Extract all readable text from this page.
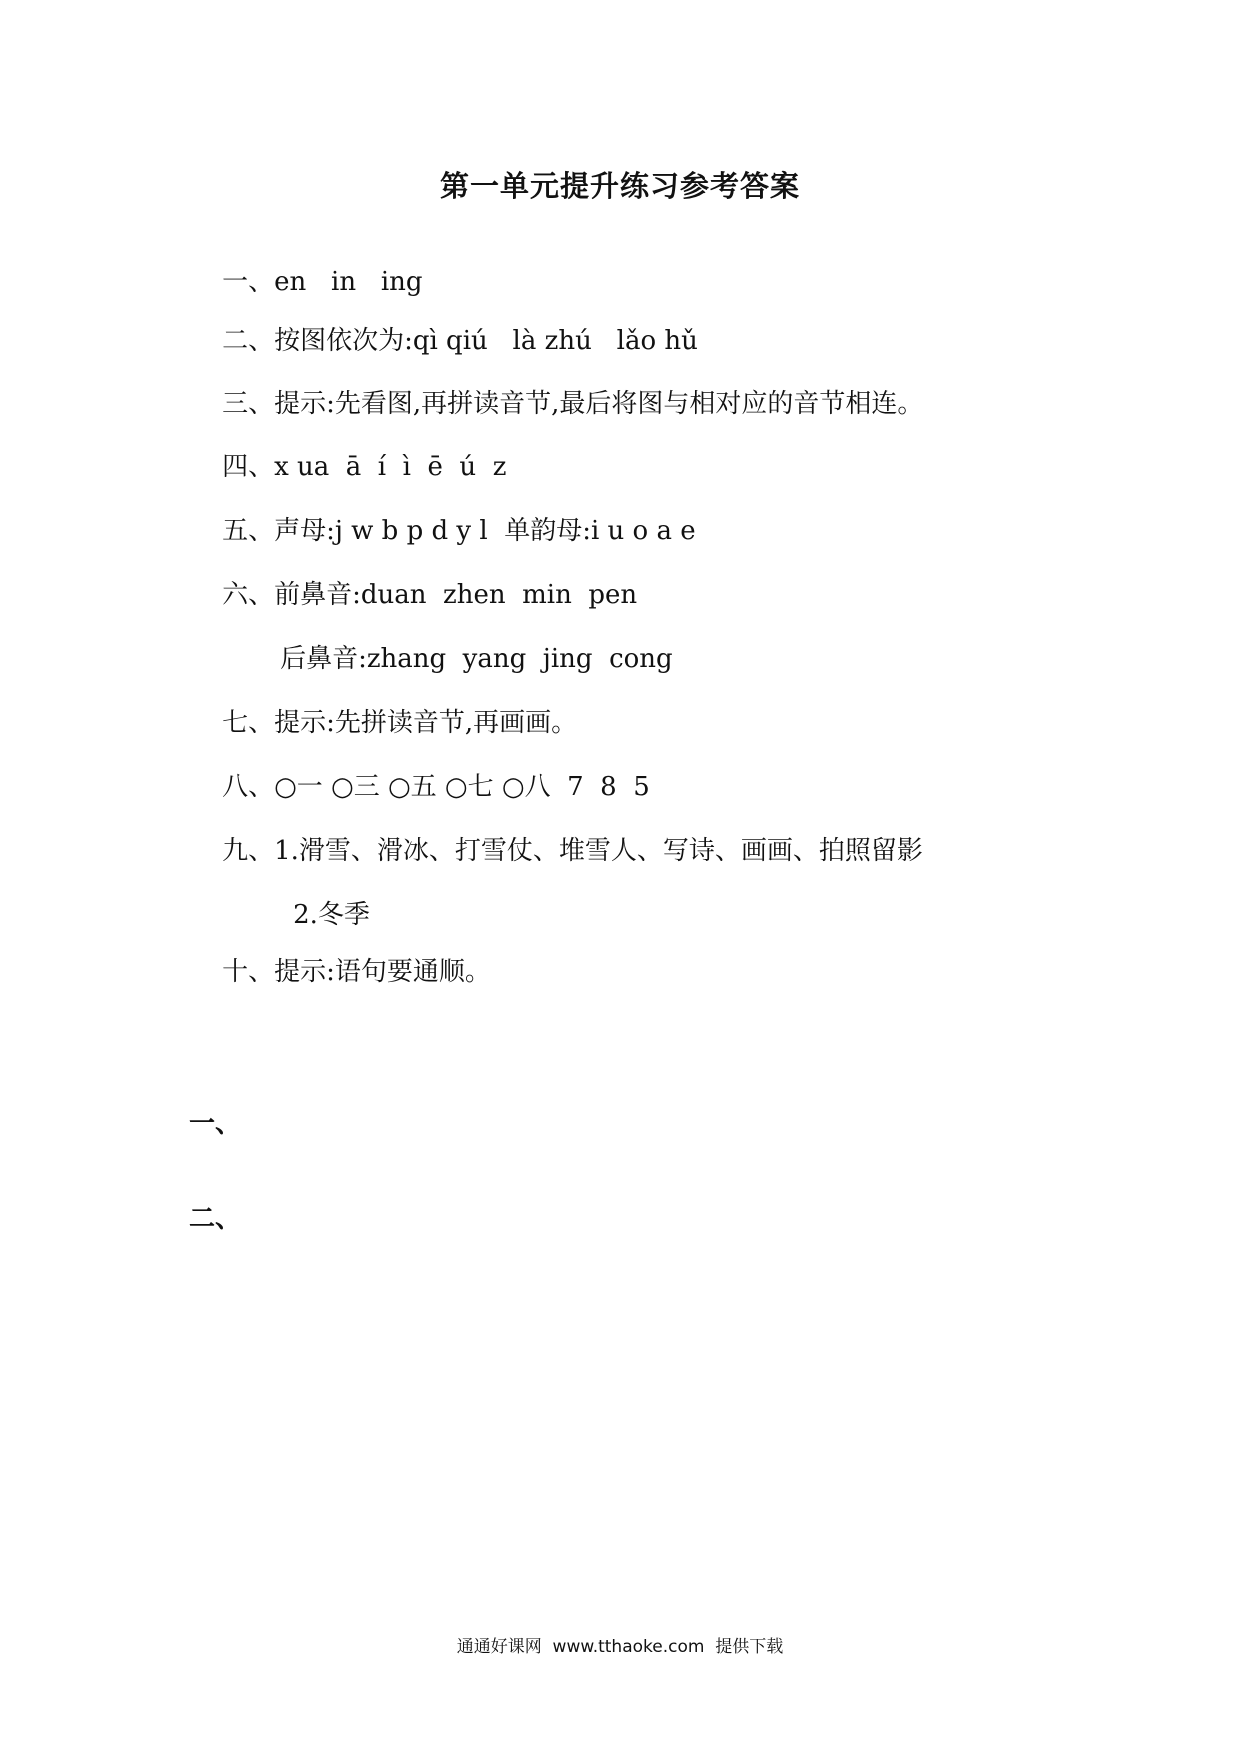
第一单元提升练习参考答案

一、en   in   ing

二、按图依次为:qì qiú   là zhú   lǎo hǔ

三、提示:先看图,再拼读音节,最后将图与相对应的音节相连。

四、x ua  ā  í  ì  ē  ú  z

五、声母:j w b p d y l  单韵母:i u o a e

六、前鼻音:duan  zhen  min  pen

后鼻音:zhang  yang  jing  cong

七、提示:先拼读音节,再画画。

八、○一 ○三 ○五 ○七 ○八  7  8  5

九、1.滑雪、滑冰、打雪仗、堆雪人、写诗、画画、拍照留影

2.冬季

十、提示:语句要通顺。

一、
二、
通通好课网  www.tthaoke.com  提供下载
